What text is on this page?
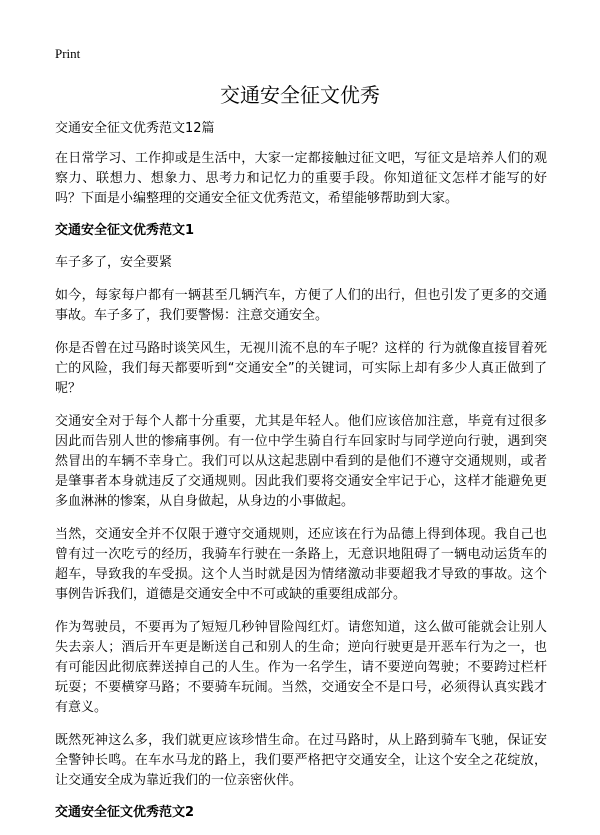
Print
交通安全征文优秀

交通安全征文优秀范文12篇

在日常学习、工作抑或是生活中，大家一定都接触过征文吧，写征文是培养人们的观察力、联想力、想象力、思考力和记忆力的重要手段。你知道征文怎样才能写的好吗？下面是小编整理的交通安全征文优秀范文，希望能够帮助到大家。

交通安全征文优秀范文1

车子多了，安全要紧

如今，每家每户都有一辆甚至几辆汽车，方便了人们的出行，但也引发了更多的交通事故。车子多了，我们要警惕：注意交通安全。

你是否曾在过马路时谈笑风生，无视川流不息的车子呢？这样的 行为就像直接冒着死亡的风险，我们每天都要听到“交通安全”的关键词，可实际上却有多少人真正做到了呢？

交通安全对于每个人都十分重要，尤其是年轻人。他们应该倍加注意，毕竟有过很多因此而告别人世的惨痛事例。有一位中学生骑自行车回家时与同学逆向行驶，遇到突然冒出的车辆不幸身亡。我们可以从这起悲剧中看到的是他们不遵守交通规则，或者是肇事者本身就违反了交通规则。因此我们要将交通安全牢记于心，这样才能避免更多血淋淋的惨案，从自身做起，从身边的小事做起。

当然，交通安全并不仅限于遵守交通规则，还应该在行为品德上得到体现。我自己也曾有过一次吃亏的经历，我骑车行驶在一条路上，无意识地阻碍了一辆电动运货车的超车，导致我的车受损。这个人当时就是因为情绪激动非要超我才导致的事故。这个事例告诉我们，道德是交通安全中不可或缺的重要组成部分。

作为驾驶员，不要再为了短短几秒钟冒险闯红灯。请您知道，这么做可能就会让别人失去亲人；酒后开车更是断送自己和别人的生命；逆向行驶更是开恶车行为之一，也有可能因此彻底葬送掉自己的人生。作为一名学生，请不要逆向驾驶；不要跨过栏杆玩耍；不要横穿马路；不要骑车玩闹。当然，交通安全不是口号，必须得认真实践才有意义。

既然死神这么多，我们就更应该珍惜生命。在过马路时，从上路到骑车飞驰，保证安全警钟长鸣。在车水马龙的路上，我们要严格把守交通安全，让这个安全之花绽放，让交通安全成为靠近我们的一位亲密伙伴。

交通安全征文优秀范文2
